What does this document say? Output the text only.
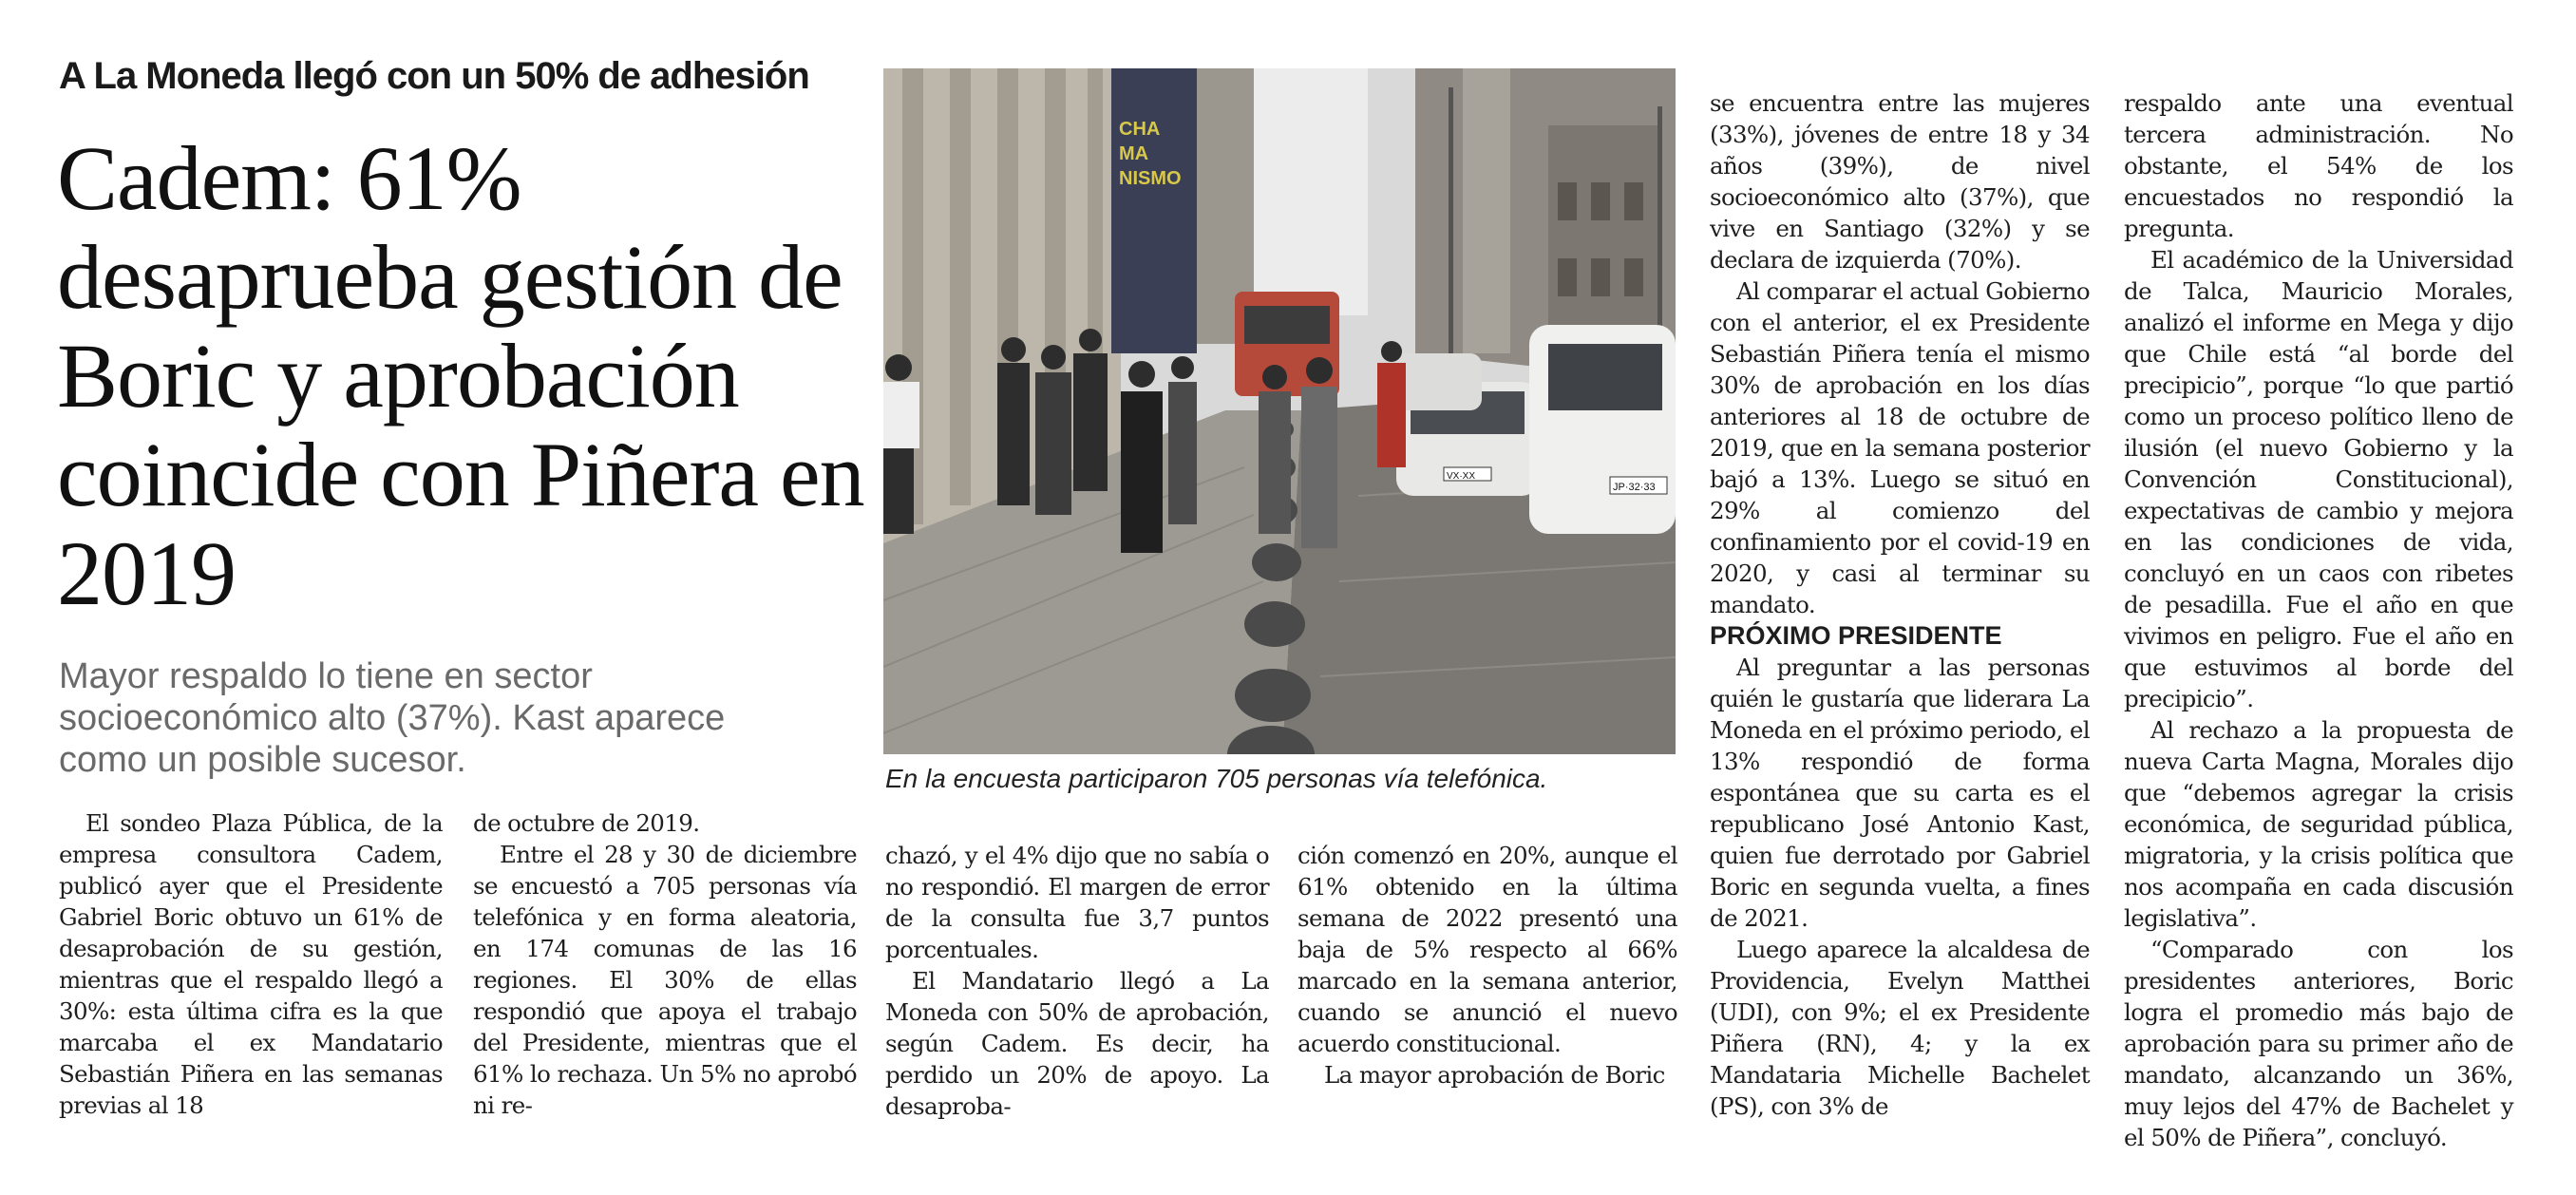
A La Moneda llegó con un 50% de adhesión
Cadem: 61% desaprueba gestión de Boric y aprobación coincide con Piñera en 2019

Mayor respaldo lo tiene en sector socioeconómico alto (37%). Kast aparece como un posible sucesor.

CHA
MA
NISMO
VX·XX
JP·32·33

En la encuesta participaron 705 personas vía telefónica.

El sondeo Plaza Pública, de la empresa consultora Cadem, publicó ayer que el Presidente Gabriel Boric obtuvo un 61% de desaprobación de su gestión, mientras que el respaldo llegó a 30%: esta última cifra es la que marcaba el ex Mandatario Sebastián Piñera en las semanas previas al 18

de octubre de 2019.

Entre el 28 y 30 de diciembre se encuestó a 705 personas vía telefónica y en forma aleatoria, en 174 comunas de las 16 regiones. El 30% de ellas respondió que apoya el trabajo del Presidente, mientras que el 61% lo rechaza. Un 5% no aprobó ni re-

chazó, y el 4% dijo que no sabía o no respondió. El margen de error de la consulta fue 3,7 puntos porcentuales.

El Mandatario llegó a La Moneda con 50% de aprobación, según Cadem. Es decir, ha perdido un 20% de apoyo. La desaproba-

ción comenzó en 20%, aunque el 61% obtenido en la última semana de 2022 presentó una baja de 5% respecto al 66% marcado en la semana anterior, cuando se anunció el nuevo acuerdo constitucional.

La mayor aprobación de Boric

se encuentra entre las mujeres (33%), jóvenes de entre 18 y 34 años (39%), de nivel socioeconómico alto (37%), que vive en Santiago (32%) y se declara de izquierda (70%).

Al comparar el actual Gobierno con el anterior, el ex Presidente Sebastián Piñera tenía el mismo 30% de aprobación en los días anteriores al 18 de octubre de 2019, que en la semana posterior bajó a 13%. Luego se situó en 29% al comienzo del confinamiento por el covid-19 en 2020, y casi al terminar su mandato.

PRÓXIMO PRESIDENTE

Al preguntar a las personas quién le gustaría que liderara La Moneda en el próximo periodo, el 13% respondió de forma espontánea que su carta es el republicano José Antonio Kast, quien fue derrotado por Gabriel Boric en segunda vuelta, a fines de 2021.

Luego aparece la alcaldesa de Providencia, Evelyn Matthei (UDI), con 9%; el ex Presidente Piñera (RN), 4; y la ex Mandataria Michelle Bachelet (PS), con 3% de

respaldo ante una eventual tercera administración. No obstante, el 54% de los encuestados no respondió la pregunta.

El académico de la Universidad de Talca, Mauricio Morales, analizó el informe en Mega y dijo que Chile está “al borde del precipicio”, porque “lo que partió como un proceso político lleno de ilusión (el nuevo Gobierno y la Convención Constitucional), expectativas de cambio y mejora en las condiciones de vida, concluyó en un caos con ribetes de pesadilla. Fue el año en que vivimos en peligro. Fue el año en que estuvimos al borde del precipicio”.

Al rechazo a la propuesta de nueva Carta Magna, Morales dijo que “debemos agregar la crisis económica, de seguridad pública, migratoria, y la crisis política que nos acompaña en cada discusión legislativa”.

“Comparado con los presidentes anteriores, Boric logra el promedio más bajo de aprobación para su primer año de mandato, alcanzando un 36%, muy lejos del 47% de Bachelet y el 50% de Piñera”, concluyó.
